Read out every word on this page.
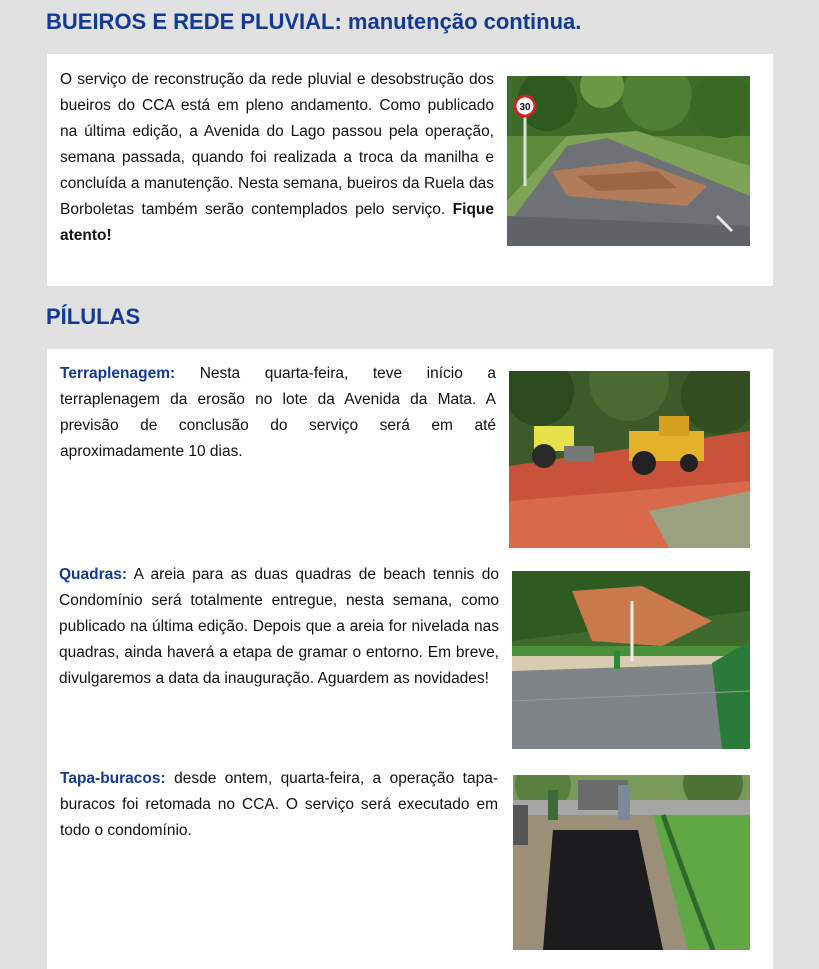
BUEIROS E REDE PLUVIAL: manutenção continua.

O serviço de reconstrução da rede pluvial e desobstrução dos bueiros do CCA está em pleno andamento. Como publicado na última edição, a Avenida do Lago passou pela operação, semana passada, quando foi realizada a troca da manilha e concluída a manutenção. Nesta semana, bueiros da Ruela das Borboletas também serão contemplados pelo serviço. Fique atento!

30
PÍLULAS

Terraplenagem: Nesta quarta-feira, teve início a terraplenagem da erosão no lote da Avenida da Mata. A previsão de conclusão do serviço será em até aproximadamente 10 dias.

Quadras: A areia para as duas quadras de beach tennis do Condomínio será totalmente entregue, nesta semana, como publicado na última edição. Depois que a areia for nivelada nas quadras, ainda haverá a etapa de gramar o entorno. Em breve, divulgaremos a data da inauguração. Aguardem as novidades!

Tapa-buracos: desde ontem, quarta-feira, a operação tapa-buracos foi retomada no CCA. O serviço será executado em todo o condomínio.
